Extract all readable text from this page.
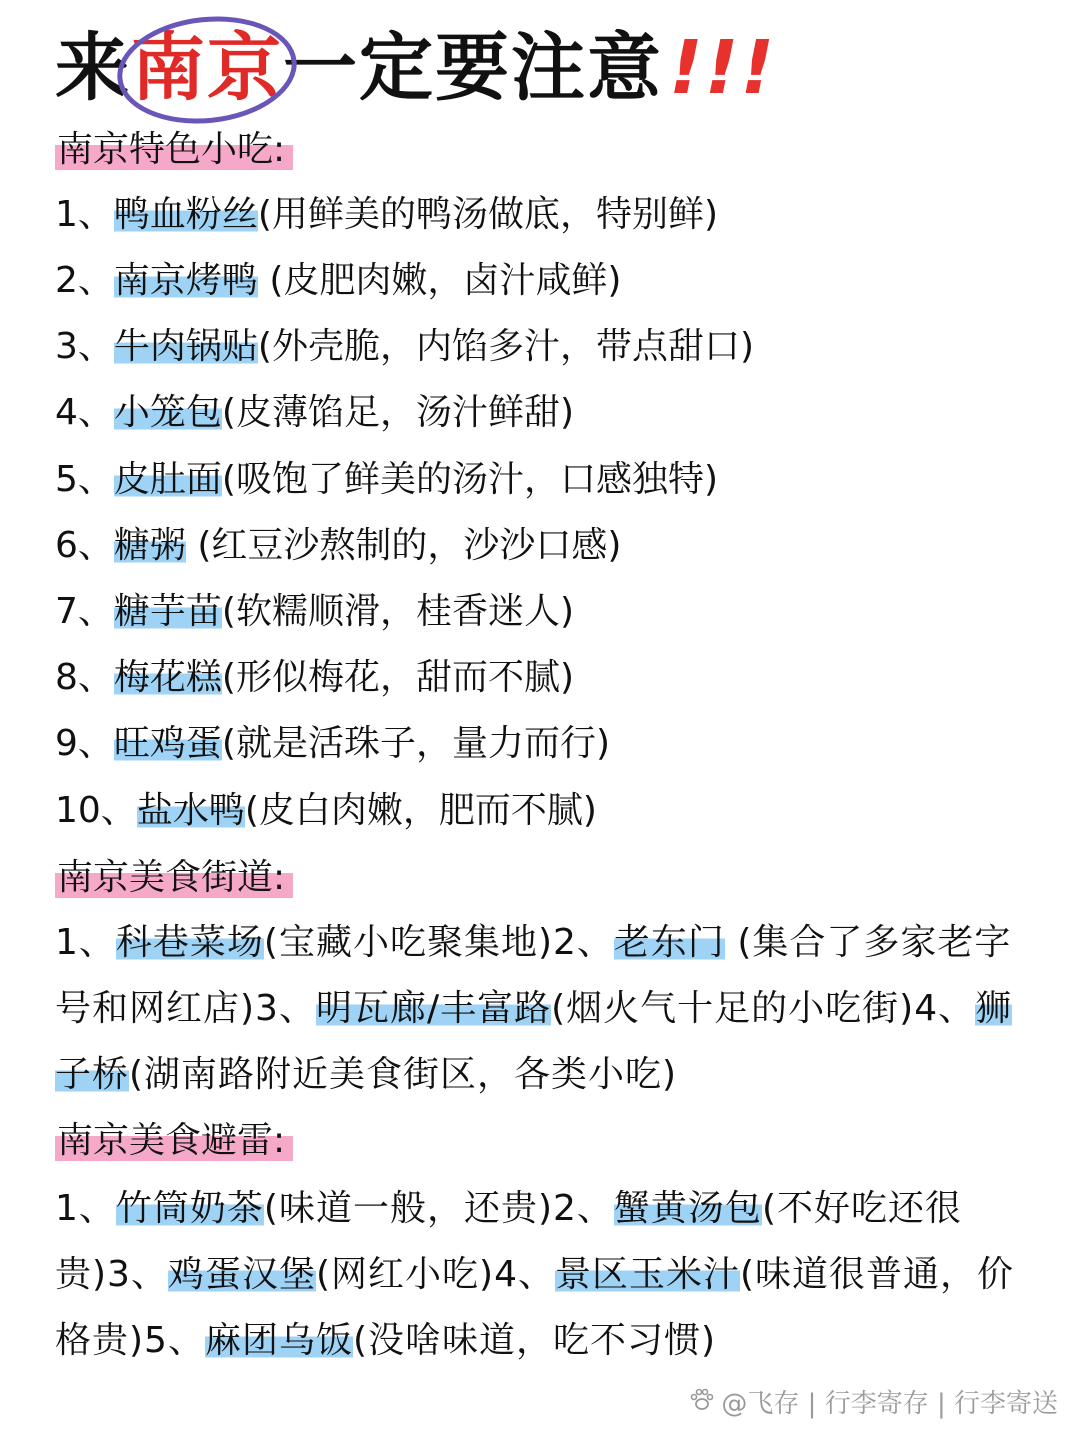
来
南京一定要注意!!!
南京特色小吃:
1、鸭血粉丝(用鲜美的鸭汤做底，特别鲜)
2、南京烤鸭 (皮肥肉嫩，卤汁咸鲜)
3、牛肉锅贴(外壳脆，内馅多汁，带点甜口)
4、小笼包(皮薄馅足，汤汁鲜甜)
5、皮肚面(吸饱了鲜美的汤汁，口感独特)
6、糖粥 (红豆沙熬制的，沙沙口感)
7、糖芋苗(软糯顺滑，桂香迷人)
8、梅花糕(形似梅花，甜而不腻)
9、旺鸡蛋(就是活珠子，量力而行)
10、盐水鸭(皮白肉嫩，肥而不腻)
南京美食街道:
1、科巷菜场(宝藏小吃聚集地)2、老东门 (集合了多家老字号和网红店)3、明瓦廊/丰富路(烟火气十足的小吃街)4、狮子桥(湖南路附近美食街区，各类小吃)
南京美食避雷:
1、竹筒奶茶(味道一般，还贵)2、蟹黄汤包(不好吃还很贵)3、鸡蛋汉堡(网红小吃)4、景区玉米汁(味道很普通，价格贵)5、麻团乌饭(没啥味道，吃不习惯)
@飞存 | 行李寄存 | 行李寄送
